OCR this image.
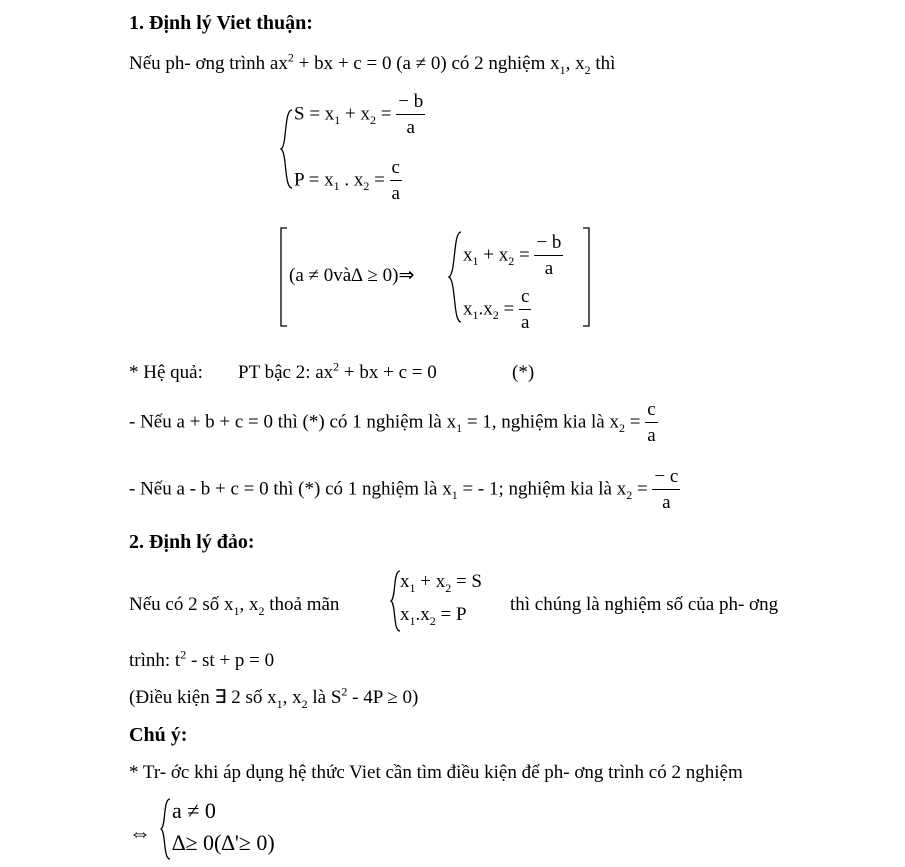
1. Định lý Viet thuận:
Nếu ph- ơng trình $ax^2$ + bx + c = 0 (a ≠ 0) có 2 nghiệm $x_1$, $x_2$ thì
$S = x_1 + x_2 = \frac{- b}{a}$
$P = x_1$ . $x_2 = \frac{c}{a}$
(a ≠ 0và∆ ≥ 0)⇒
$x_1 + x_2 = \frac{- b}{a}$
$x_1.x_2 = \frac{c}{a}$
* Hệ quả: PT bậc 2: $ax^2$ + bx + c = 0	(*)
- Nếu a + b + c = 0 thì (*) có 1 nghiệm là $x_1 = 1$, nghiệm kia là $x_2 = \frac{c}{a}$
- Nếu a - b + c = 0 thì (*) có 1 nghiệm là $x_1$ = - 1; nghiệm kia là $x_2 = \frac{- c}{a}$
2. Định lý đảo:
Nếu có 2 số $x_1$, $x_2$ thoả mãn
$x_1 + x_2 = S$
$x_1.x_2 = P$ thì chúng là nghiệm số của ph- ơng
trình: $t^2$ - st + p = 0
(Điều kiện ∃ 2 số $x_1$, $x_2$ là $S^2 - 4P \ge 0$)
Chú ý:
* Tr- ớc khi áp dụng hệ thức Viet cần tìm điều kiện để ph- ơng trình có 2 nghiệm
⇔
a ≠ 0
∆≥ 0(∆'≥ 0)
